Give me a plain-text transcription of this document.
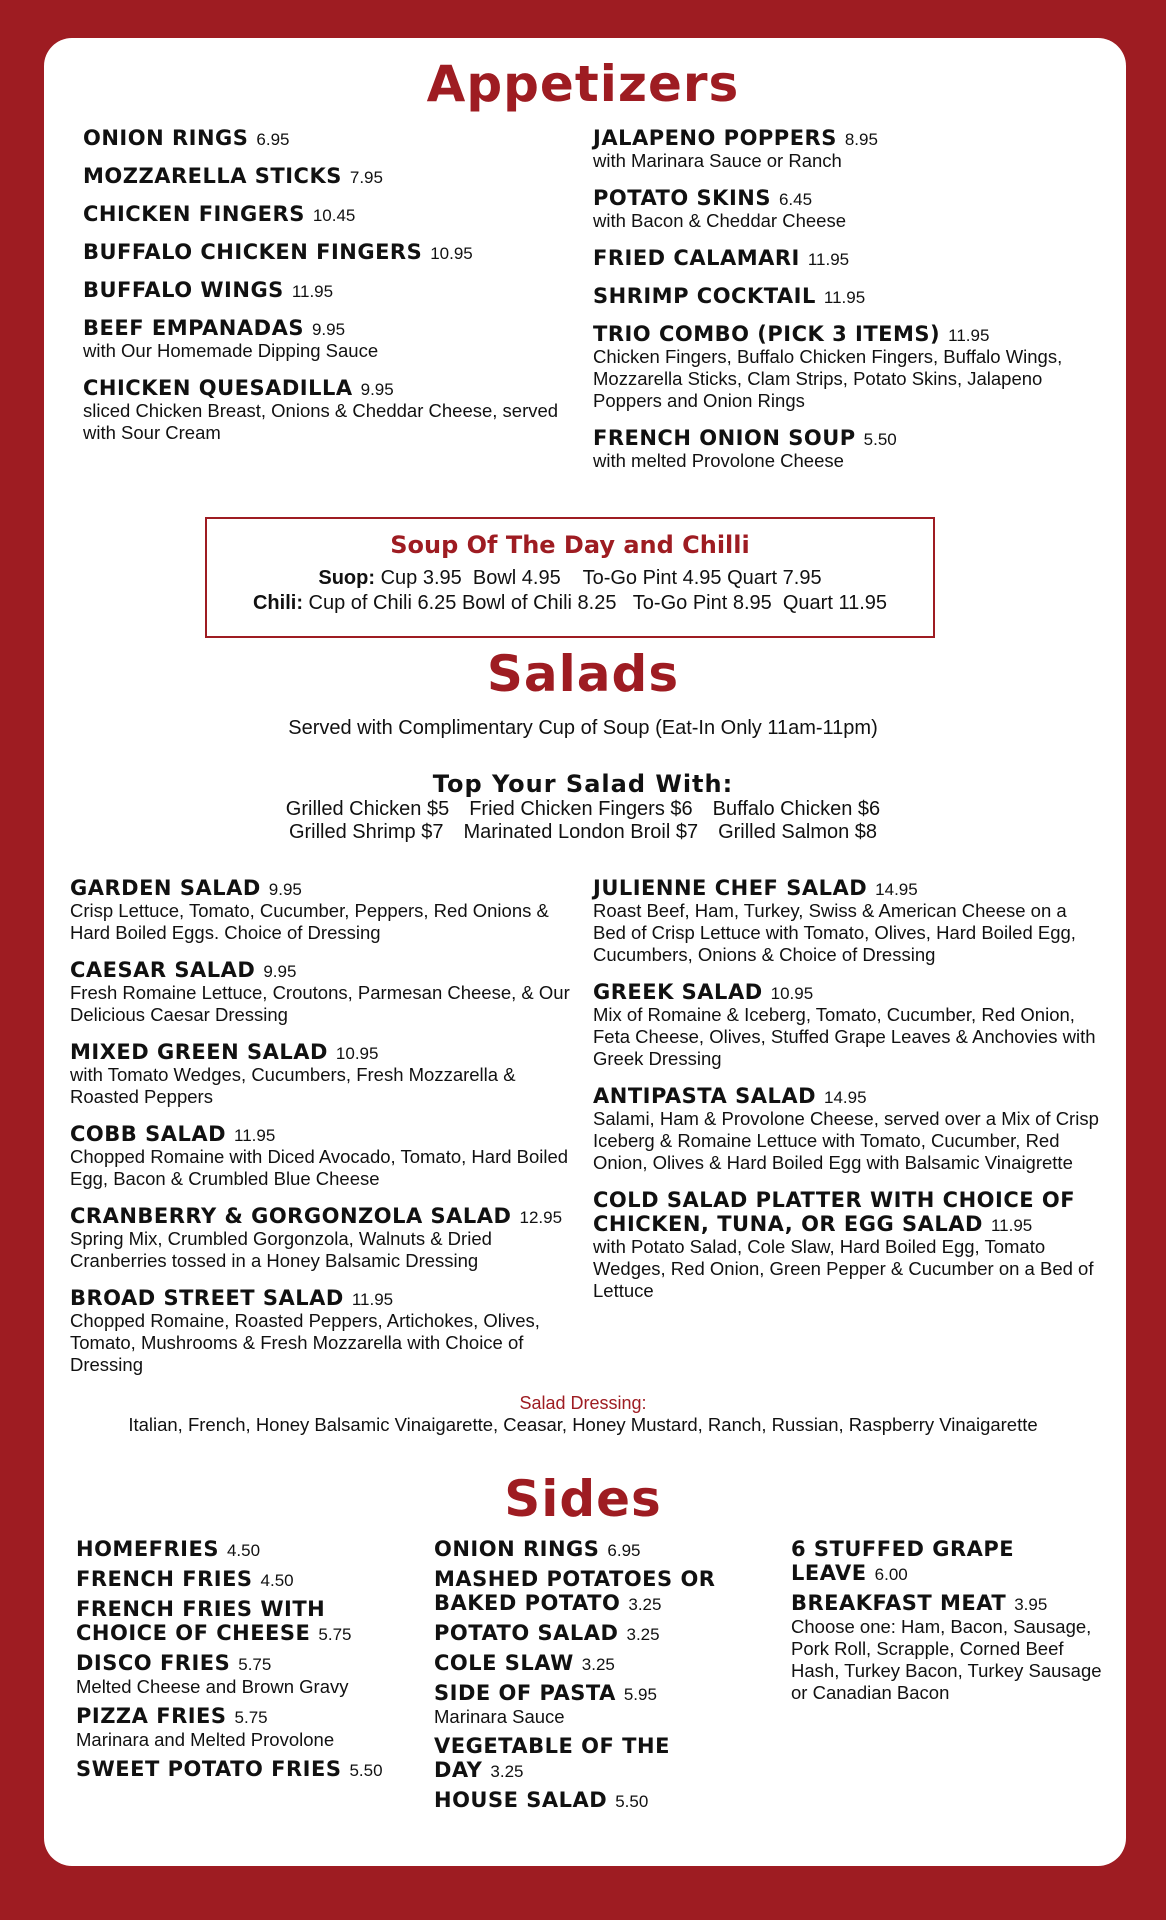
Appetizers
ONION RINGS 6.95
MOZZARELLA STICKS 7.95
CHICKEN FINGERS 10.45
BUFFALO CHICKEN FINGERS 10.95
BUFFALO WINGS 11.95
BEEF EMPANADAS 9.95
with Our Homemade Dipping Sauce
CHICKEN QUESADILLA 9.95
sliced Chicken Breast, Onions & Cheddar Cheese, served with Sour Cream
JALAPENO POPPERS 8.95
with Marinara Sauce or Ranch
POTATO SKINS 6.45
with Bacon & Cheddar Cheese
FRIED CALAMARI 11.95
SHRIMP COCKTAIL 11.95
TRIO COMBO (PICK 3 ITEMS) 11.95
Chicken Fingers, Buffalo Chicken Fingers, Buffalo Wings, Mozzarella Sticks, Clam Strips, Potato Skins, Jalapeno Poppers and Onion Rings
FRENCH ONION SOUP 5.50
with melted Provolone Cheese
Soup Of The Day and Chilli
Suop: Cup 3.95  Bowl 4.95    To-Go Pint 4.95 Quart 7.95
Chili: Cup of Chili 6.25 Bowl of Chili 8.25   To-Go Pint 8.95  Quart 11.95
Salads
Served with Complimentary Cup of Soup (Eat-In Only 11am-11pm)
Top Your Salad With:
Grilled Chicken $5 Fried Chicken Fingers $6 Buffalo Chicken $6
Grilled Shrimp $7 Marinated London Broil $7 Grilled Salmon $8
GARDEN SALAD 9.95
Crisp Lettuce, Tomato, Cucumber, Peppers, Red Onions & Hard Boiled Eggs. Choice of Dressing
CAESAR SALAD 9.95
Fresh Romaine Lettuce, Croutons, Parmesan Cheese, & Our Delicious Caesar Dressing
MIXED GREEN SALAD 10.95
with Tomato Wedges, Cucumbers, Fresh Mozzarella & Roasted Peppers
COBB SALAD 11.95
Chopped Romaine with Diced Avocado, Tomato, Hard Boiled Egg, Bacon & Crumbled Blue Cheese
CRANBERRY & GORGONZOLA SALAD 12.95
Spring Mix, Crumbled Gorgonzola, Walnuts & Dried Cranberries tossed in a Honey Balsamic Dressing
BROAD STREET SALAD 11.95
Chopped Romaine, Roasted Peppers, Artichokes, Olives, Tomato, Mushrooms & Fresh Mozzarella with Choice of Dressing
JULIENNE CHEF SALAD 14.95
Roast Beef, Ham, Turkey, Swiss & American Cheese on a Bed of Crisp Lettuce with Tomato, Olives, Hard Boiled Egg, Cucumbers, Onions & Choice of Dressing
GREEK SALAD 10.95
Mix of Romaine & Iceberg, Tomato, Cucumber, Red Onion, Feta Cheese, Olives, Stuffed Grape Leaves & Anchovies with Greek Dressing
ANTIPASTA SALAD 14.95
Salami, Ham & Provolone Cheese, served over a Mix of Crisp Iceberg & Romaine Lettuce with Tomato, Cucumber, Red Onion, Olives & Hard Boiled Egg with Balsamic Vinaigrette
COLD SALAD PLATTER WITH CHOICE OF CHICKEN, TUNA, OR EGG SALAD 11.95
with Potato Salad, Cole Slaw, Hard Boiled Egg, Tomato Wedges, Red Onion, Green Pepper & Cucumber on a Bed of Lettuce
Salad Dressing:
Italian, French, Honey Balsamic Vinaigarette, Ceasar, Honey Mustard, Ranch, Russian, Raspberry Vinaigarette
Sides
HOMEFRIES 4.50
FRENCH FRIES 4.50
FRENCH FRIES WITH CHOICE OF CHEESE 5.75
DISCO FRIES 5.75
Melted Cheese and Brown Gravy
PIZZA FRIES 5.75
Marinara and Melted Provolone
SWEET POTATO FRIES 5.50
ONION RINGS 6.95
MASHED POTATOES OR BAKED POTATO 3.25
POTATO SALAD 3.25
COLE SLAW 3.25
SIDE OF PASTA 5.95
Marinara Sauce
VEGETABLE OF THE DAY 3.25
HOUSE SALAD 5.50
6 STUFFED GRAPE LEAVE 6.00
BREAKFAST MEAT 3.95
Choose one: Ham, Bacon, Sausage, Pork Roll, Scrapple, Corned Beef Hash, Turkey Bacon, Turkey Sausage or Canadian Bacon
